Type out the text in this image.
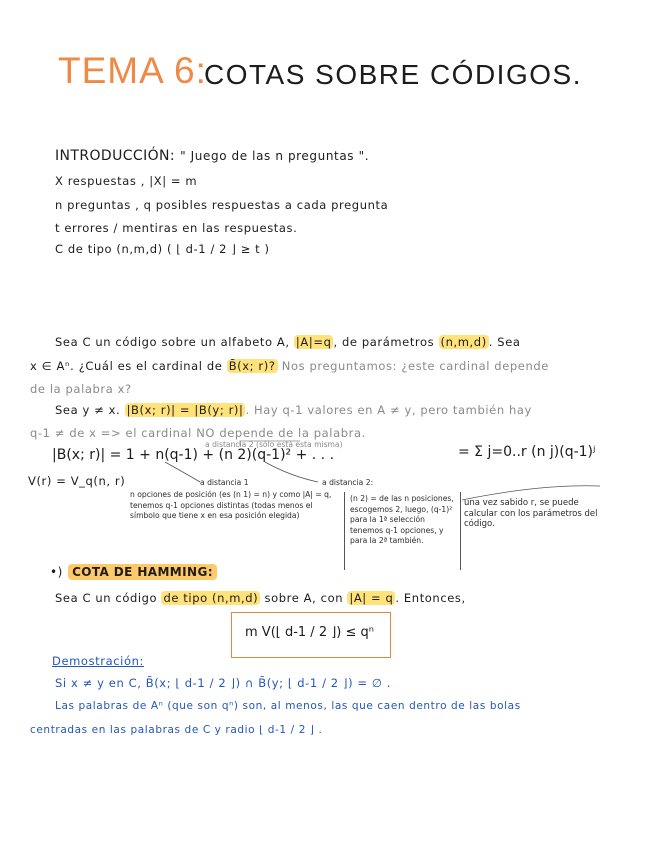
TEMA 6:
COTAS SOBRE CÓDIGOS.
INTRODUCCIÓN: " Juego de las n preguntas ".
X respuestas , |X| = m
n preguntas , q posibles respuestas a cada pregunta
t errores / mentiras en las respuestas.
C de tipo (n,m,d) ( ⌊ d-1 / 2 ⌋ ≥ t )
Sea C un código sobre un alfabeto A, |A|=q , de parámetros (n,m,d) . Sea
x ∈ Aⁿ. ¿Cuál es el cardinal de B̄(x; r)? Nos preguntamos: ¿este cardinal depende
de la palabra x?
Sea y ≠ x. |B(x; r)| = |B(y; r)| . Hay q-1 valores en A ≠ y, pero también hay
q-1 ≠ de x => el cardinal NO depende de la palabra.
a distancia 2 (sólo está esta misma)
|B(x; r)| = 1 + n(q-1) + (n 2)(q-1)² + . . .	= Σ j=0..r (n j)(q-1)ʲ
V(r) = V_q(n, r)	a distancia 1	a distancia 2:
n opciones de posición (es (n 1) = n) y como |A| = q, tenemos q-1 opciones distintas (todas menos el símbolo que tiene x en esa posición elegida)
(n 2) = de las n posiciones, escogemos 2, luego, (q-1)² para la 1ª selección tenemos q-1 opciones, y para la 2ª también.
una vez sabido r, se puede calcular con los parámetros del código.
•) COTA DE HAMMING:
Sea C un código de tipo (n,m,d) sobre A, con |A| = q . Entonces,
m V(⌊ d-1 / 2 ⌋) ≤ qⁿ
Demostración:
Si x ≠ y en C, B̄(x; ⌊ d-1 / 2 ⌋) ∩ B̄(y; ⌊ d-1 / 2 ⌋) = ∅ .
Las palabras de Aⁿ (que son qⁿ) son, al menos, las que caen dentro de las bolas
centradas en las palabras de C y radio ⌊ d-1 / 2 ⌋ .
